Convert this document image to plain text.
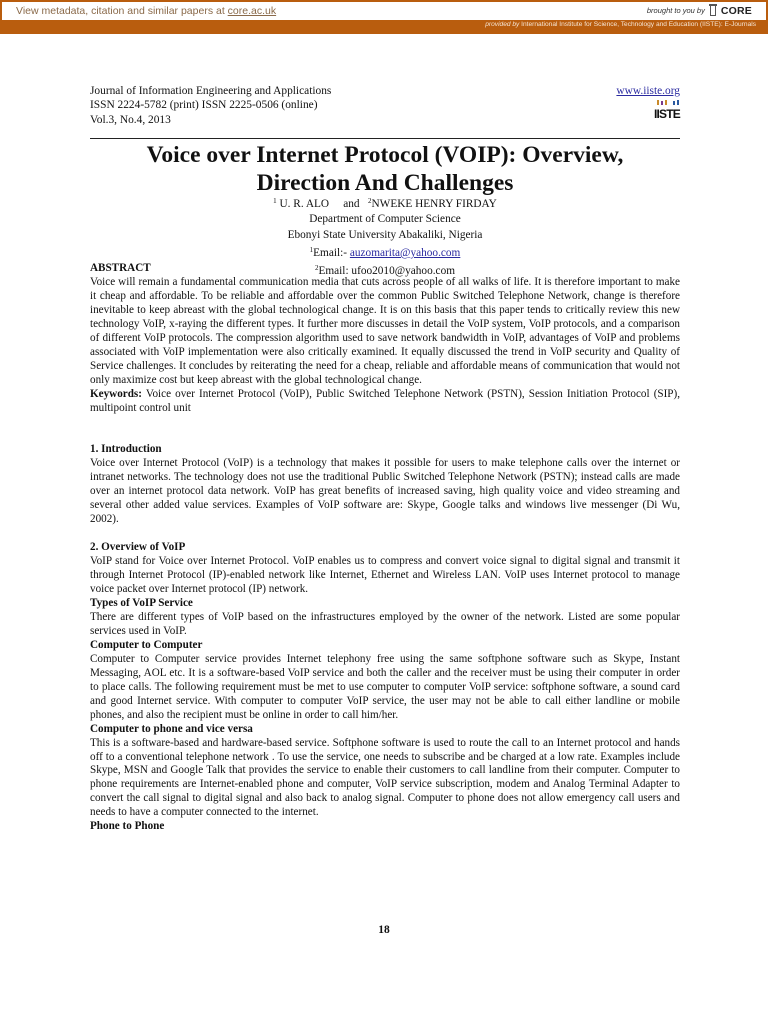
View metadata, citation and similar papers at core.ac.uk	brought to you by CORE
provided by International Institute for Science, Technology and Education (IISTE): E-Journals
Journal of Information Engineering and Applications
ISSN 2224-5782 (print) ISSN 2225-0506 (online)
Vol.3, No.4, 2013
www.iiste.org

IISTE
Voice over Internet Protocol (VOIP): Overview,
Direction And Challenges
$^1$ U. R. ALO and $^2$NWEKE HENRY FIRDAY
Department of Computer Science
Ebonyi State University Abakaliki, Nigeria
$^1$Email:- auzomarita@yahoo.com
$^2$Email: ufoo2010@yahoo.com

ABSTRACT

Voice will remain a fundamental communication media that cuts across people of all walks of life. It is therefore important to make it cheap and affordable. To be reliable and affordable over the common Public Switched Telephone Network, change is therefore inevitable to keep abreast with the global technological change. It is on this basis that this paper tends to critically review this new technology VoIP, x-raying the different types. It further more discusses in detail the VoIP system, VoIP protocols, and a comparison of different VoIP protocols. The compression algorithm used to save network bandwidth in VoIP, advantages of VoIP and problems associated with VoIP implementation were also critically examined. It equally discussed the trend in VoIP security and Quality of Service challenges. It concludes by reiterating the need for a cheap, reliable and affordable means of communication that would not only maximize cost but keep abreast with the global technological change.

Keywords: Voice over Internet Protocol (VoIP), Public Switched Telephone Network (PSTN), Session Initiation Protocol (SIP), multipoint control unit

1. Introduction

Voice over Internet Protocol (VoIP) is a technology that makes it possible for users to make telephone calls over the internet or intranet networks. The technology does not use the traditional Public Switched Telephone Network (PSTN); instead calls are made over an internet protocol data network. VoIP has great benefits of increased saving, high quality voice and video streaming and several other added value services. Examples of VoIP software are: Skype, Google talks and windows live messenger (Di Wu, 2002).

2. Overview of VoIP

VoIP stand for Voice over Internet Protocol. VoIP enables us to compress and convert voice signal to digital signal and transmit it through Internet Protocol (IP)-enabled network like Internet, Ethernet and Wireless LAN. VoIP uses Internet protocol to manage voice packet over Internet protocol (IP) network.

Types of VoIP Service

There are different types of VoIP based on the infrastructures employed by the owner of the network. Listed are some popular services used in VoIP.

Computer to Computer

Computer to Computer service provides Internet telephony free using the same softphone software such as Skype, Instant Messaging, AOL etc. It is a software-based VoIP service and both the caller and the receiver must be using their computer in order to place calls. The following requirement must be met to use computer to computer VoIP service: softphone software, a sound card and good Internet service. With computer to computer VoIP service, the user may not be able to call either landline or mobile phones, and also the recipient must be online in order to call him/her.

Computer to phone and vice versa

This is a software-based and hardware-based service. Softphone software is used to route the call to an Internet protocol and hands off to a conventional telephone network . To use the service, one needs to subscribe and be charged at a low rate. Examples include Skype, MSN and Google Talk that provides the service to enable their customers to call landline from their computer. Computer to phone requirements are Internet-enabled phone and computer, VoIP service subscription, modem and Analog Terminal Adapter to convert the call signal to digital signal and also back to analog signal. Computer to phone does not allow emergency call users and needs to have a computer connected to the internet.

Phone to Phone

18
